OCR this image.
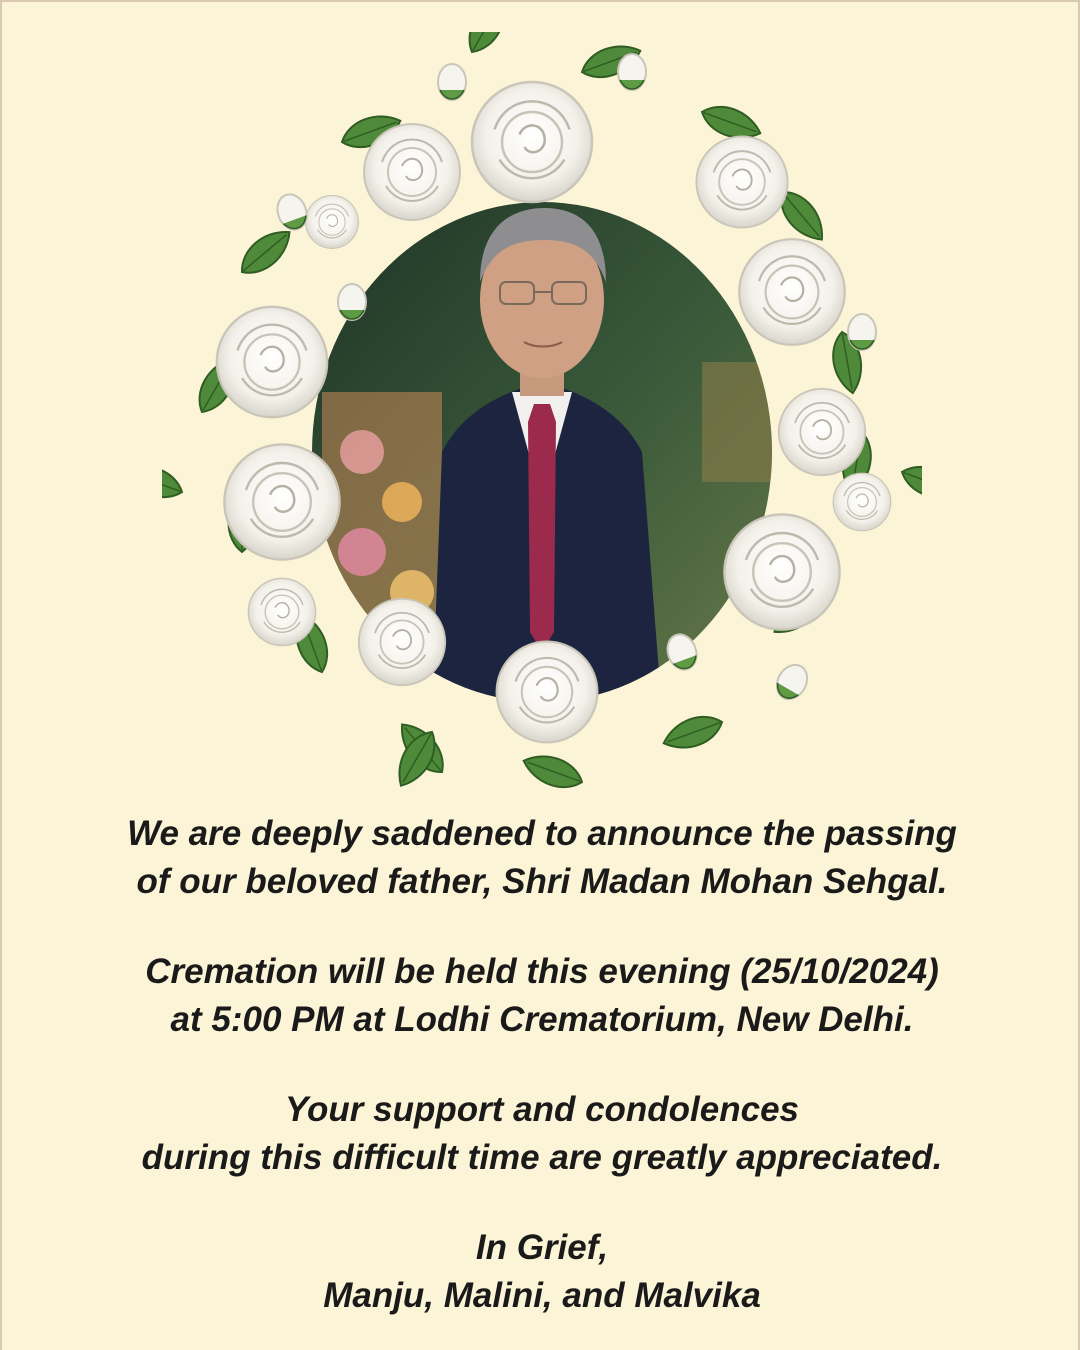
We are deeply saddened to announce the passing
of our beloved father, Shri Madan Mohan Sehgal.

Cremation will be held this evening (25/10/2024)
at 5:00 PM at Lodhi Crematorium, New Delhi.

Your support and condolences
during this difficult time are greatly appreciated.

In Grief,
Manju, Malini, and Malvika
